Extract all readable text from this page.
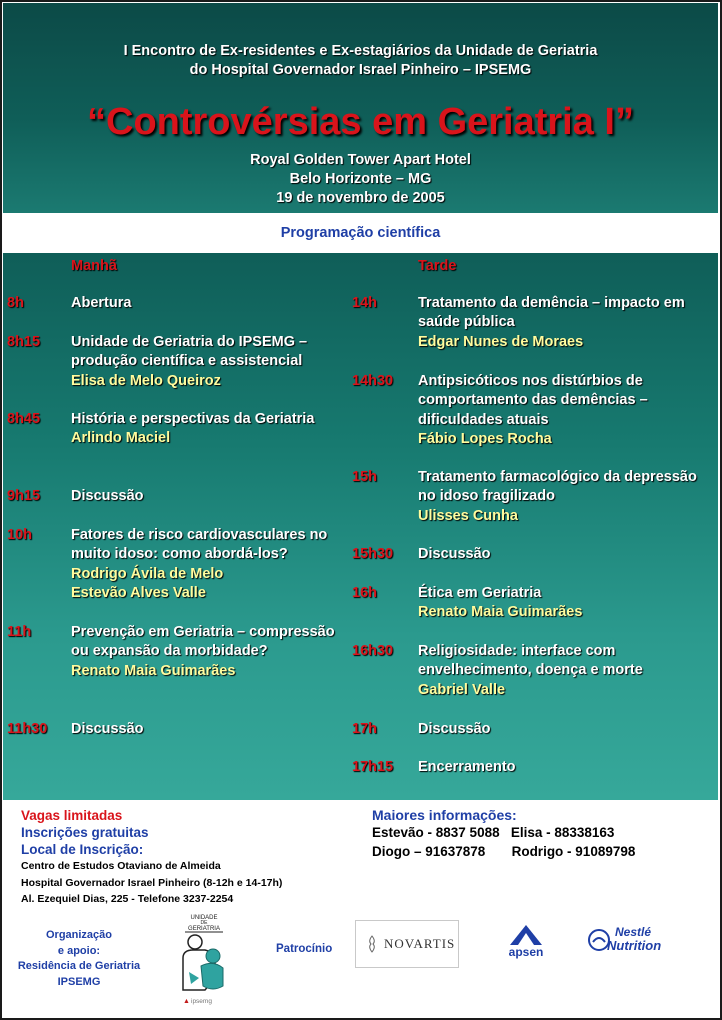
I Encontro de Ex-residentes e Ex-estagiários da Unidade de Geriatria
do Hospital Governador Israel Pinheiro – IPSEMG
“Controvérsias em Geriatria I”
Royal Golden Tower Apart Hotel
Belo Horizonte – MG
19 de novembro de 2005
Programação científica
Manhã
8h	Abertura
8h15 Unidade de Geriatria do IPSEMG – produção científica e assistencial
Elisa de Melo Queiroz
8h45 História e perspectivas da Geriatria
Arlindo Maciel
9h15 Discussão
10h	Fatores de risco cardiovasculares no muito idoso: como abordá-los?
Rodrigo Ávila de Melo
Estevão Alves Valle
11h	Prevenção em Geriatria – compressão ou expansão da morbidade?
Renato Maia Guimarães
11h30 Discussão
Tarde
14h	Tratamento da demência – impacto em saúde pública
Edgar Nunes de Moraes
14h30 Antipsicóticos nos distúrbios de comportamento das demências – dificuldades atuais
Fábio Lopes Rocha
15h	Tratamento farmacológico da depressão no idoso fragilizado
Ulisses Cunha
15h30 Discussão
16h	Ética em Geriatria
Renato Maia Guimarães
16h30 Religiosidade: interface com envelhecimento, doença e morte
Gabriel Valle
17h	Discussão
17h15 Encerramento
Vagas limitadas
Inscrições gratuitas
Local de Inscrição:
Centro de Estudos Otaviano de Almeida
Hospital Governador Israel Pinheiro (8-12h e 14-17h)
Al. Ezequiel Dias, 225 - Telefone 3237-2254
Maiores informações:
Estevão - 8837 5088   Elisa - 88338163
Diogo – 91637878       Rodrigo - 91089798
Organização
e apoio:
Residência de Geriatria
IPSEMG
UNIDADE
DE
GERIATRIA
▲ ipsemg
Patrocínio	NOVARTIS
apsen
Nestlé
Nutrition
